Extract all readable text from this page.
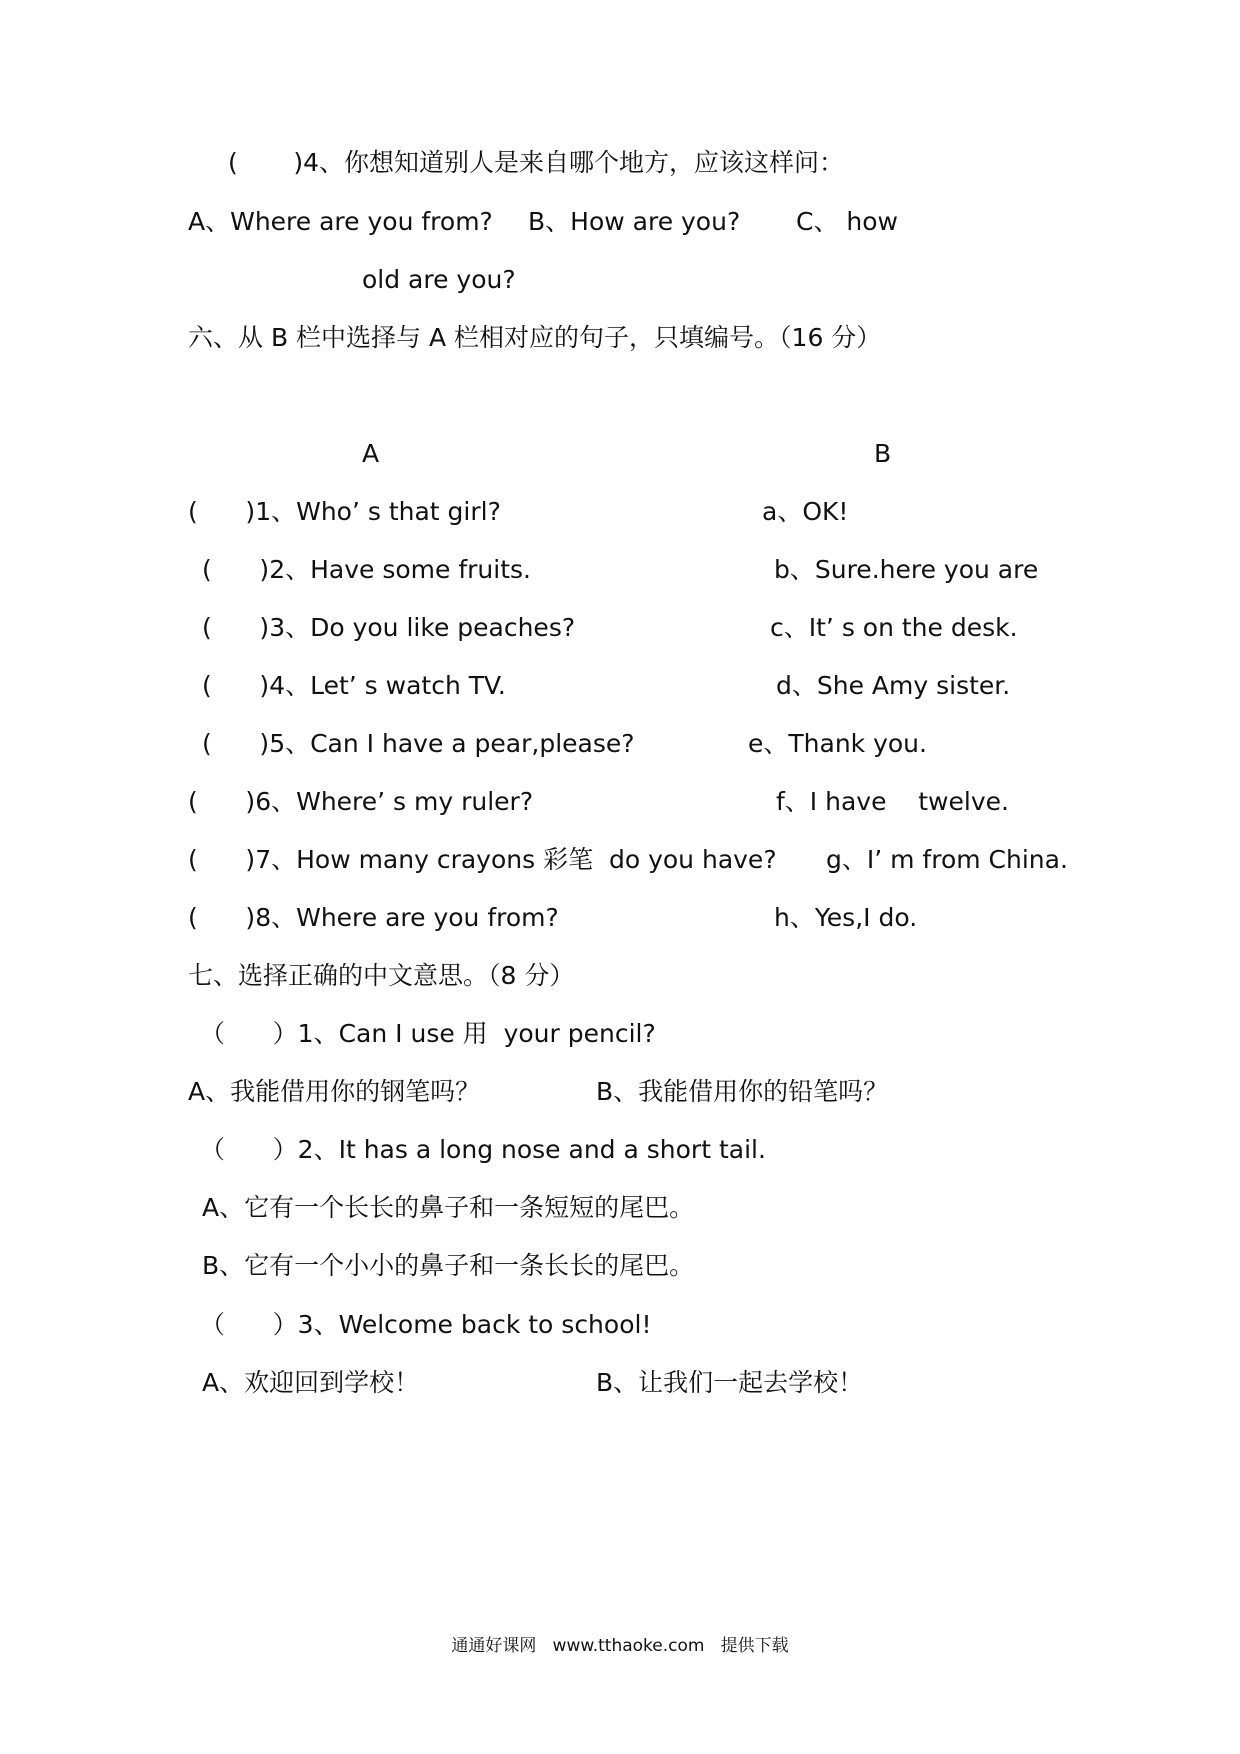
(       )4、你想知道别人是来自哪个地方，应该这样问：
A、Where are you from? B、How are you? C、 how
old are you?
六、从 B 栏中选择与 A 栏相对应的句子，只填编号。（16 分）
A	B
(      )1、Who’ s that girl?	a、OK!
(      )2、Have some fruits.	b、Sure.here you are
(      )3、Do you like peaches?	c、It’ s on the desk.
(      )4、Let’ s watch TV.	d、She Amy sister.
(      )5、Can I have a pear,please?	e、Thank you.
(      )6、Where’ s my ruler?	f、I have    twelve.
(      )7、How many crayons 彩笔  do you have? g、I’ m from China.
(      )8、Where are you from?	h、Yes,I do.
七、选择正确的中文意思。（8 分）
（      ）1、Can I use 用  your pencil?
A、我能借用你的钢笔吗？	B、我能借用你的铅笔吗？
（      ）2、It has a long nose and a short tail.
A、它有一个长长的鼻子和一条短短的尾巴。
B、它有一个小小的鼻子和一条长长的尾巴。
（      ）3、Welcome back to school!
A、欢迎回到学校！	B、让我们一起去学校！
通通好课网   www.tthaoke.com   提供下载
